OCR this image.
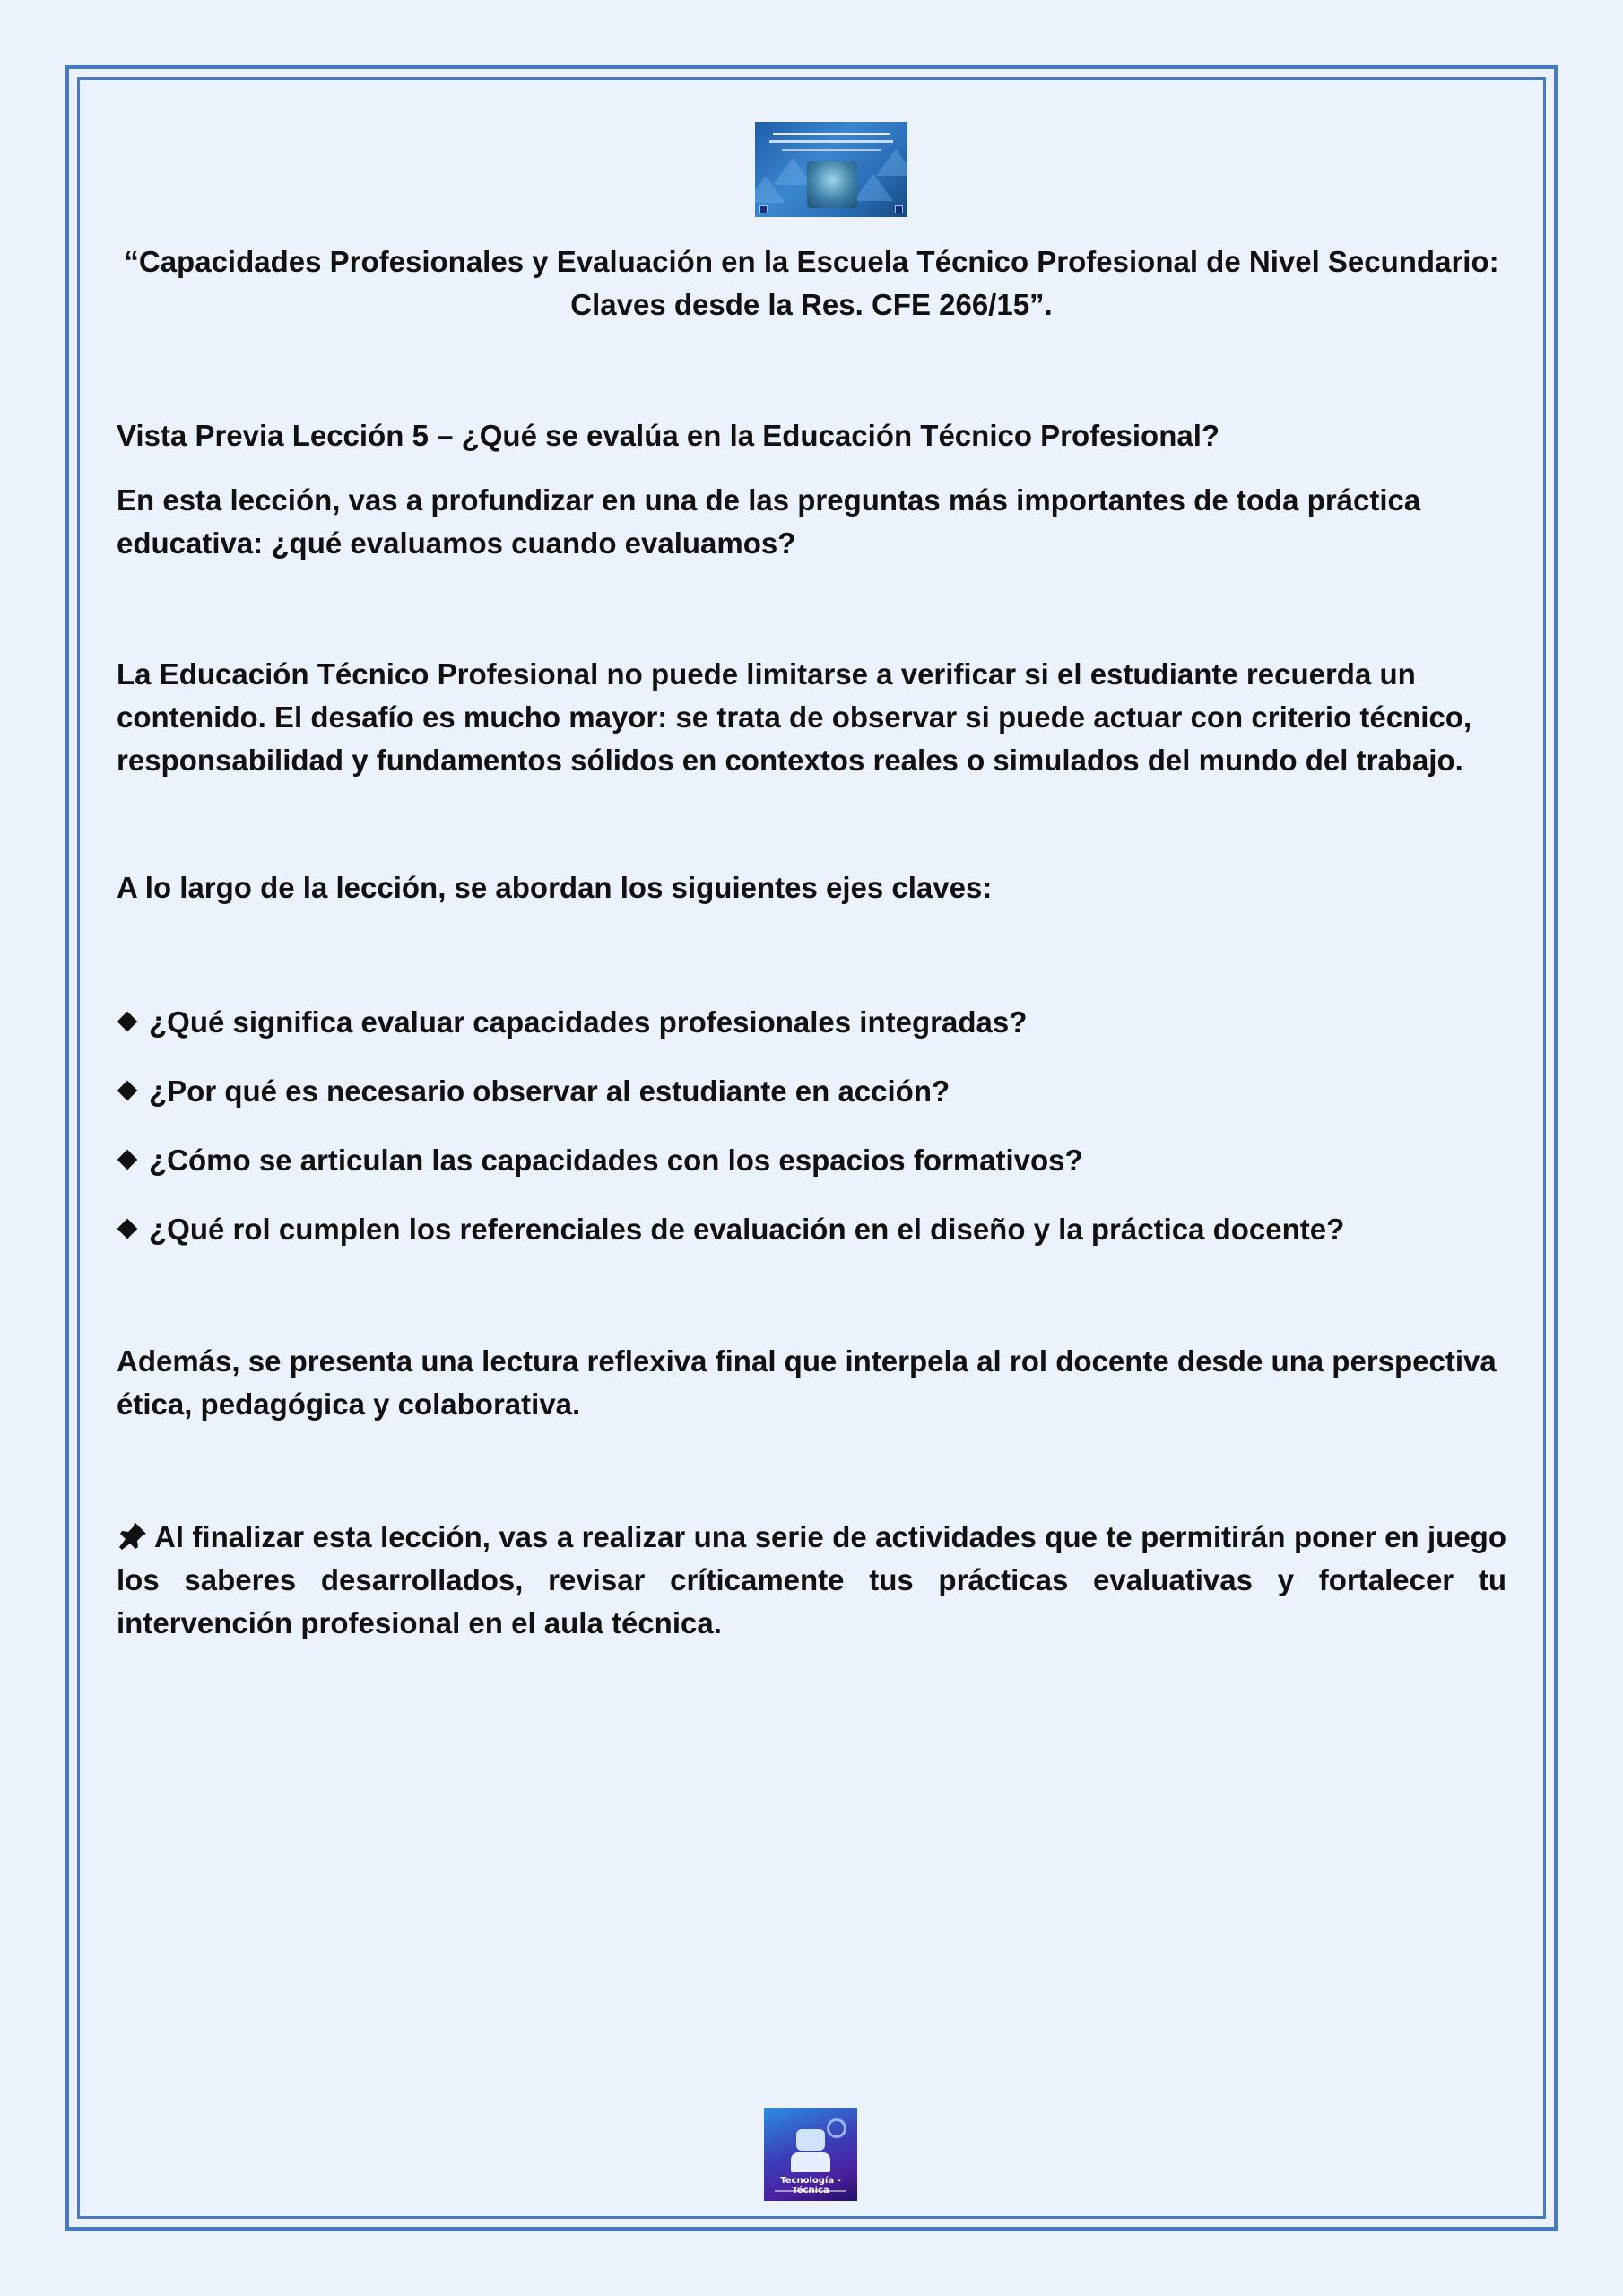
“Capacidades Profesionales y Evaluación en la Escuela Técnico Profesional de Nivel Secundario: Claves desde la Res. CFE 266/15”.

Vista Previa Lección 5 – ¿Qué se evalúa en la Educación Técnico Profesional?

En esta lección, vas a profundizar en una de las preguntas más importantes de toda práctica educativa: ¿qué evaluamos cuando evaluamos?

La Educación Técnico Profesional no puede limitarse a verificar si el estudiante recuerda un contenido. El desafío es mucho mayor: se trata de observar si puede actuar con criterio técnico, responsabilidad y fundamentos sólidos en contextos reales o simulados del mundo del trabajo.

A lo largo de la lección, se abordan los siguientes ejes claves:

¿Qué significa evaluar capacidades profesionales integradas?
¿Por qué es necesario observar al estudiante en acción?
¿Cómo se articulan las capacidades con los espacios formativos?
¿Qué rol cumplen los referenciales de evaluación en el diseño y la práctica docente?

Además, se presenta una lectura reflexiva final que interpela al rol docente desde una perspectiva ética, pedagógica y colaborativa.

Al finalizar esta lección, vas a realizar una serie de actividades que te permitirán poner en juego los saberes desarrollados, revisar críticamente tus prácticas evaluativas y fortalecer tu intervención profesional en el aula técnica.
Tecnología -
